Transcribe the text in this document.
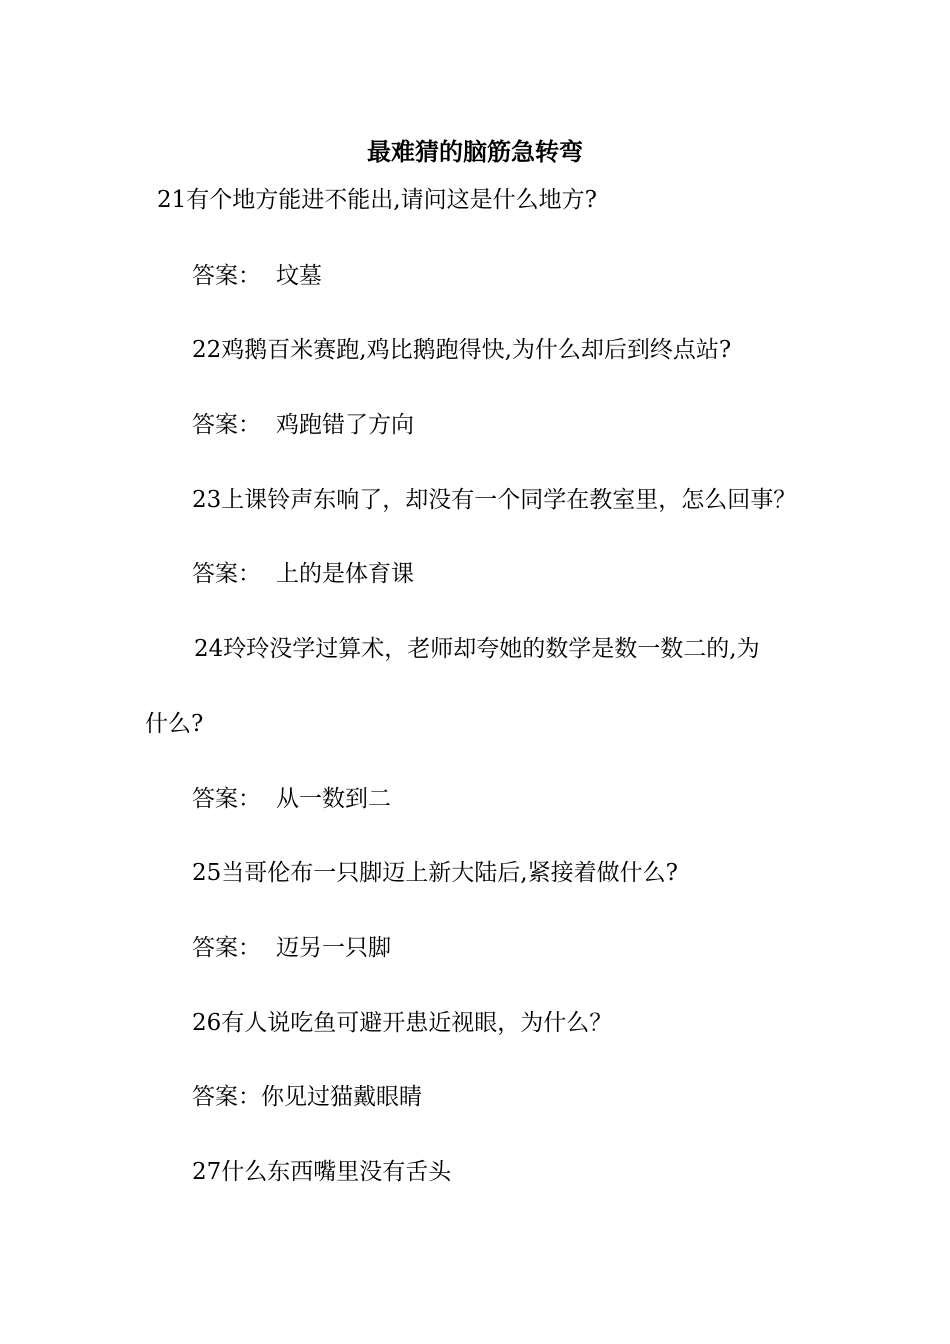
最难猜的脑筋急转弯
21有个地方能进不能出,请问这是什么地方?
答案： 坟墓
22鸡鹅百米赛跑,鸡比鹅跑得快,为什么却后到终点站?
答案： 鸡跑错了方向
23上课铃声东响了，却没有一个同学在教室里，怎么回事？
答案： 上的是体育课
24玲玲没学过算术，老师却夸她的数学是数一数二的,为
什么?
答案： 从一数到二
25当哥伦布一只脚迈上新大陆后,紧接着做什么?
答案： 迈另一只脚
26有人说吃鱼可避开患近视眼，为什么？
答案：你见过猫戴眼睛
27什么东西嘴里没有舌头
